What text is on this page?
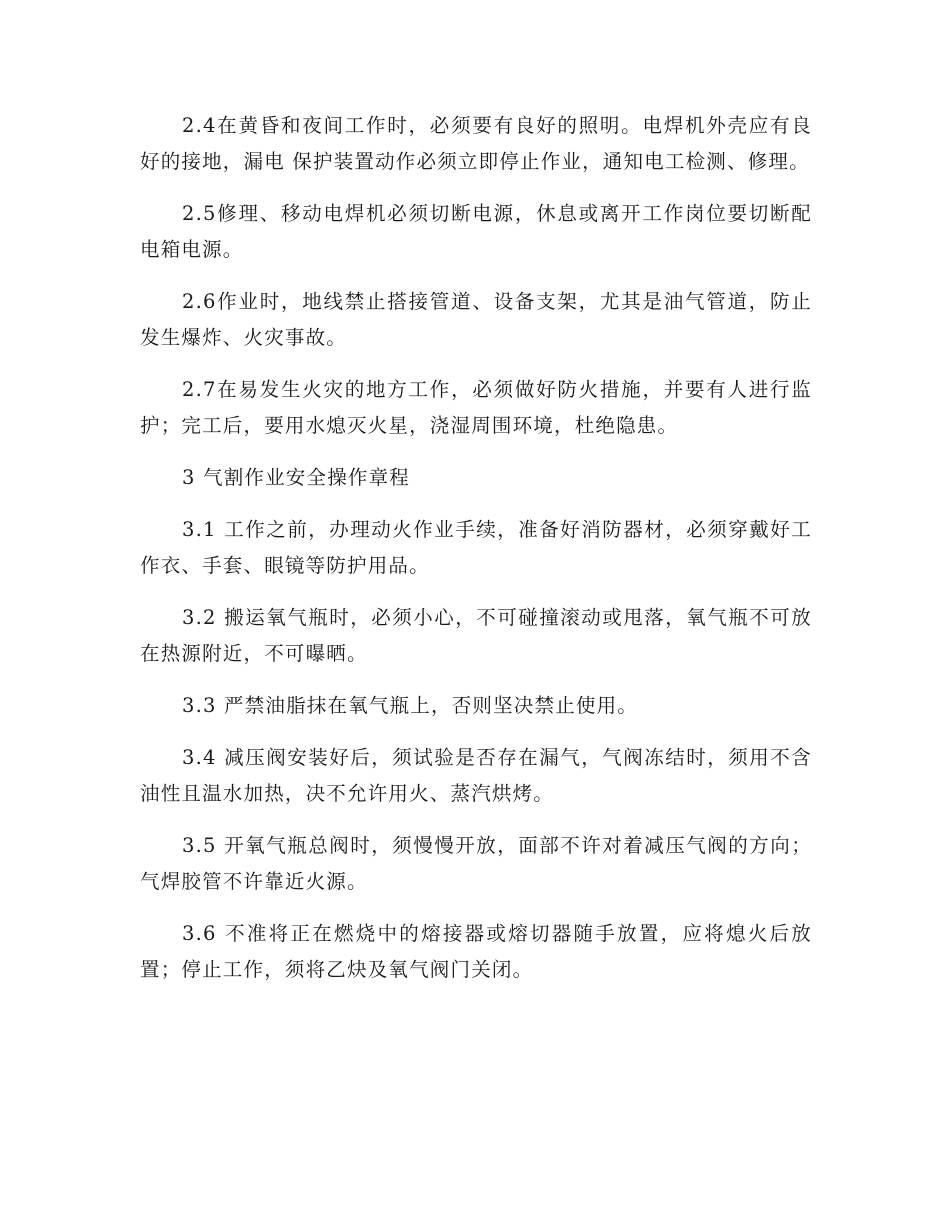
2.4在黄昏和夜间工作时，必须要有良好的照明。电焊机外壳应有良好的接地，漏电 保护装置动作必须立即停止作业，通知电工检测、修理。

2.5修理、移动电焊机必须切断电源，休息或离开工作岗位要切断配电箱电源。

2.6作业时，地线禁止搭接管道、设备支架，尤其是油气管道，防止发生爆炸、火灾事故。

2.7在易发生火灾的地方工作，必须做好防火措施，并要有人进行监护；完工后，要用水熄灭火星，浇湿周围环境，杜绝隐患。

3 气割作业安全操作章程

3.1 工作之前，办理动火作业手续，准备好消防器材，必须穿戴好工作衣、手套、眼镜等防护用品。

3.2 搬运氧气瓶时，必须小心，不可碰撞滚动或甩落，氧气瓶不可放在热源附近，不可曝晒。

3.3 严禁油脂抹在氧气瓶上，否则坚决禁止使用。

3.4 减压阀安装好后，须试验是否存在漏气，气阀冻结时，须用不含油性且温水加热，决不允许用火、蒸汽烘烤。

3.5 开氧气瓶总阀时，须慢慢开放，面部不许对着减压气阀的方向；气焊胶管不许靠近火源。

3.6 不准将正在燃烧中的熔接器或熔切器随手放置，应将熄火后放置；停止工作，须将乙炔及氧气阀门关闭。
